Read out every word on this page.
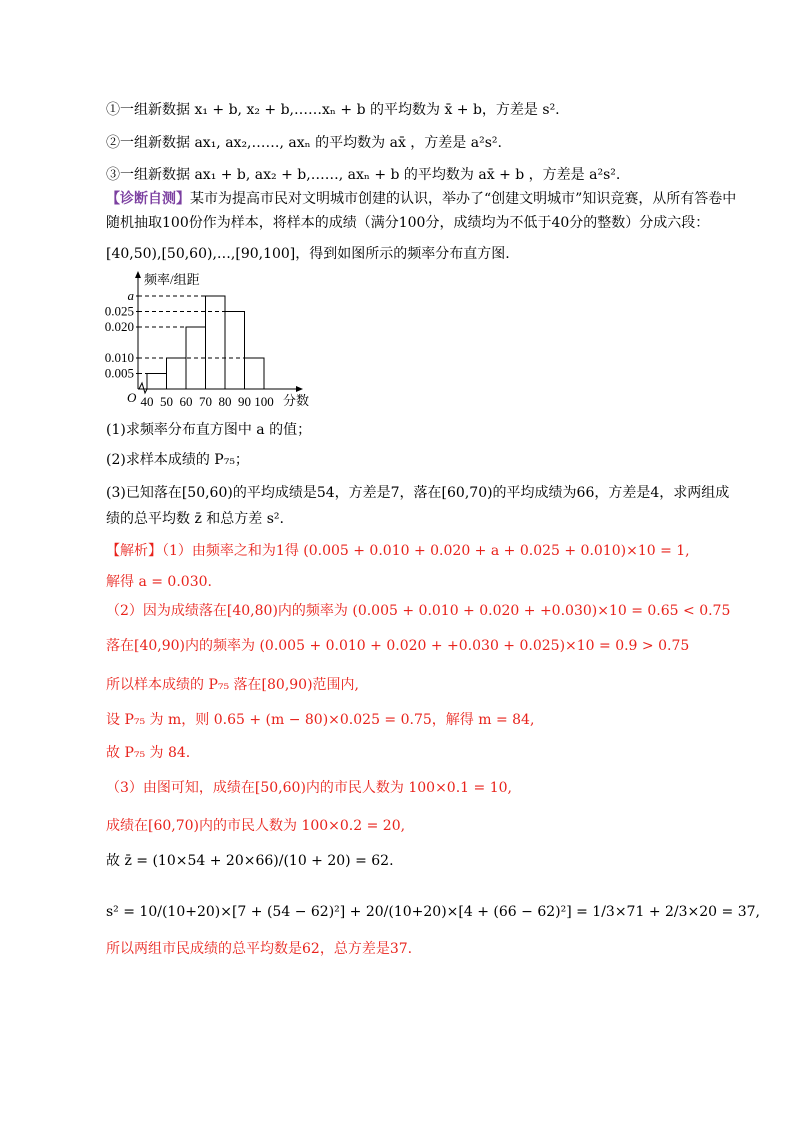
①一组新数据 x₁ + b, x₂ + b,……xₙ + b 的平均数为 x̄ + b，方差是 s².
②一组新数据 ax₁, ax₂,……, axₙ 的平均数为 ax̄ ，方差是 a²s².
③一组新数据 ax₁ + b, ax₂ + b,……, axₙ + b 的平均数为 ax̄ + b ，方差是 a²s².
【诊断自测】某市为提高市民对文明城市创建的认识，举办了“创建文明城市”知识竞赛，从所有答卷中
随机抽取100份作为样本，将样本的成绩（满分100分，成绩均为不低于40分的整数）分成六段：
[40,50),[50,60),…,[90,100]，得到如图所示的频率分布直方图.
频率/组距
O	分数
0.005
0.010
0.020
0.025
a
40 50 60 70 80 90 100
(1)求频率分布直方图中 a 的值；
(2)求样本成绩的 P₇₅；
(3)已知落在[50,60)的平均成绩是54，方差是7，落在[60,70)的平均成绩为66，方差是4，求两组成
绩的总平均数 z̄ 和总方差 s².
【解析】（1）由频率之和为1得 (0.005 + 0.010 + 0.020 + a + 0.025 + 0.010)×10 = 1,
解得 a = 0.030.
（2）因为成绩落在[40,80)内的频率为 (0.005 + 0.010 + 0.020 + +0.030)×10 = 0.65 < 0.75
落在[40,90)内的频率为 (0.005 + 0.010 + 0.020 + +0.030 + 0.025)×10 = 0.9 > 0.75
所以样本成绩的 P₇₅ 落在[80,90)范围内,
设 P₇₅ 为 m，则 0.65 + (m − 80)×0.025 = 0.75，解得 m = 84,
故 P₇₅ 为 84.
（3）由图可知，成绩在[50,60)内的市民人数为 100×0.1 = 10,
成绩在[60,70)内的市民人数为 100×0.2 = 20,
故 z̄ = (10×54 + 20×66)/(10 + 20) = 62.
s² = 10/(10+20)×[7 + (54 − 62)²] + 20/(10+20)×[4 + (66 − 62)²] = 1/3×71 + 2/3×20 = 37,
所以两组市民成绩的总平均数是62，总方差是37.
